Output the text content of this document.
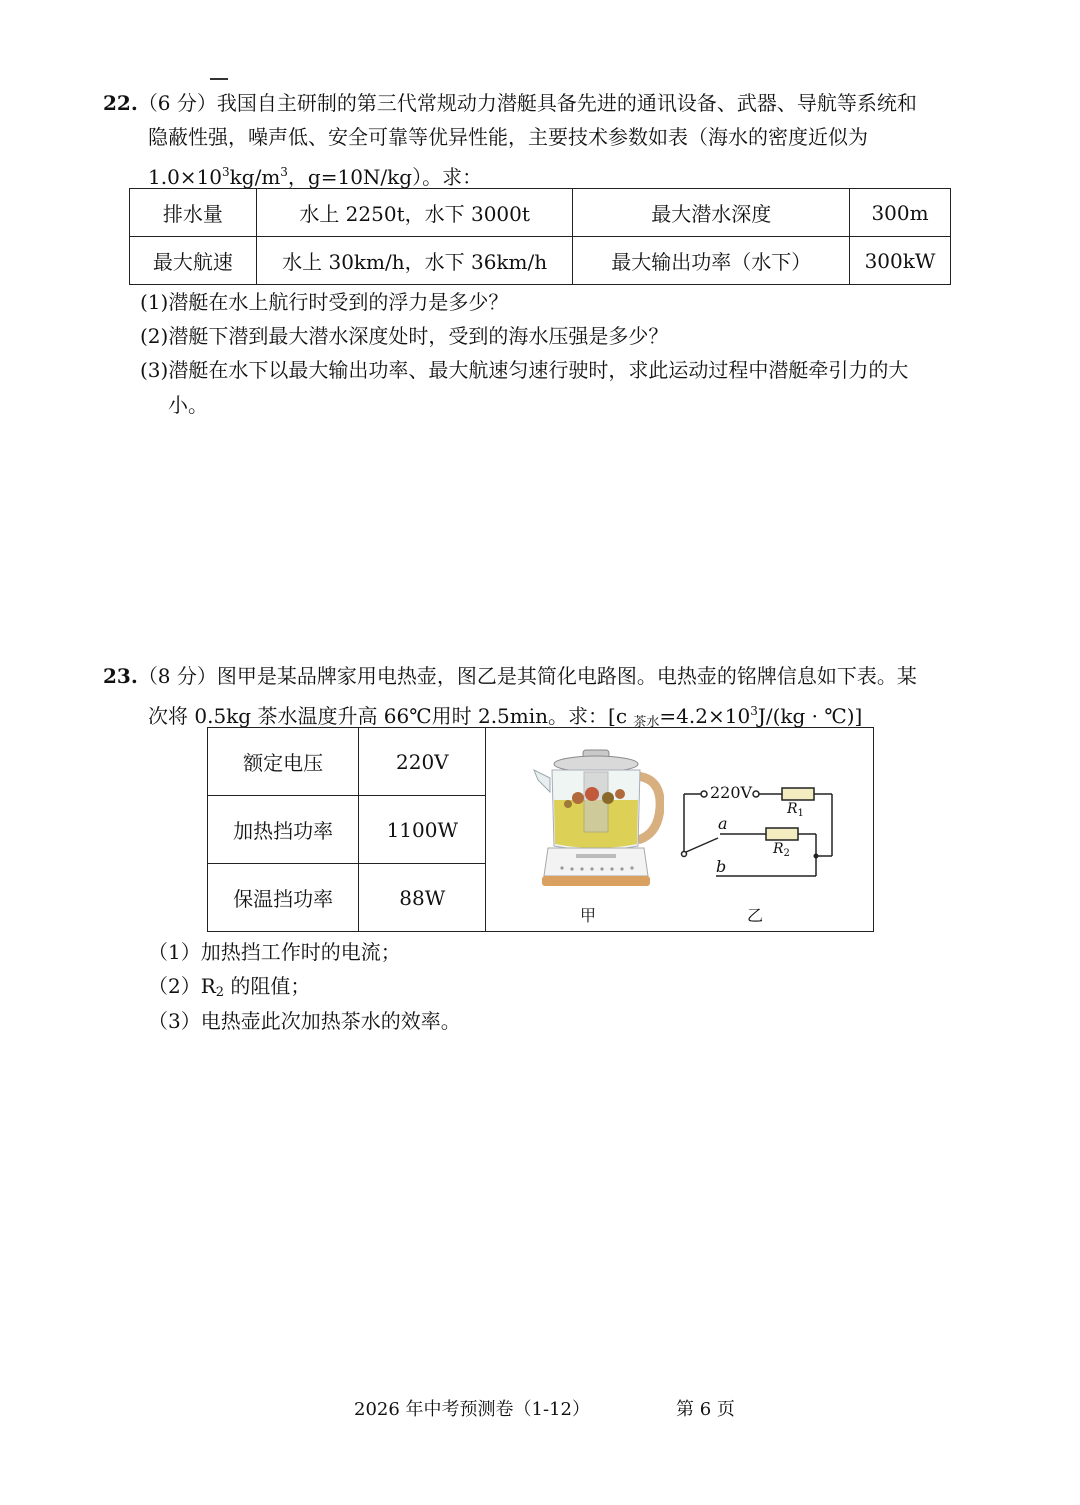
22.（6 分）我国自主研制的第三代常规动力潜艇具备先进的通讯设备、武器、导航等系统和
隐蔽性强，噪声低、安全可靠等优异性能，主要技术参数如表（海水的密度近似为
$1.0\times 10^3kg/m^3$，g=10N/kg）。求：
排水量	水上 2250t，水下 3000t	最大潜水深度	300m
最大航速	水上 30km/h，水下 36km/h	最大输出功率（水下）	300kW
(1)潜艇在水上航行时受到的浮力是多少？
(2)潜艇下潜到最大潜水深度处时，受到的海水压强是多少？
(3)潜艇在水下以最大输出功率、最大航速匀速行驶时，求此运动过程中潜艇牵引力的大
小。
23.（8 分）图甲是某品牌家用电热壶，图乙是其简化电路图。电热壶的铭牌信息如下表。某
次将 0.5kg 茶水温度升高 66℃用时 2.5min。求：[c $_{茶水}=4.2\times 10^3J/(kg$ · ℃)]
额定电压	220V	
加热挡功率	1100W	
保温挡功率	88W	
220V
$R_1$
a
$R_2$
b
甲	乙
（1）加热挡工作时的电流；
$(2)R_2$ 的阻值；
（3）电热壶此次加热茶水的效率。
2026 年中考预测卷（1-12）	第 6 页
